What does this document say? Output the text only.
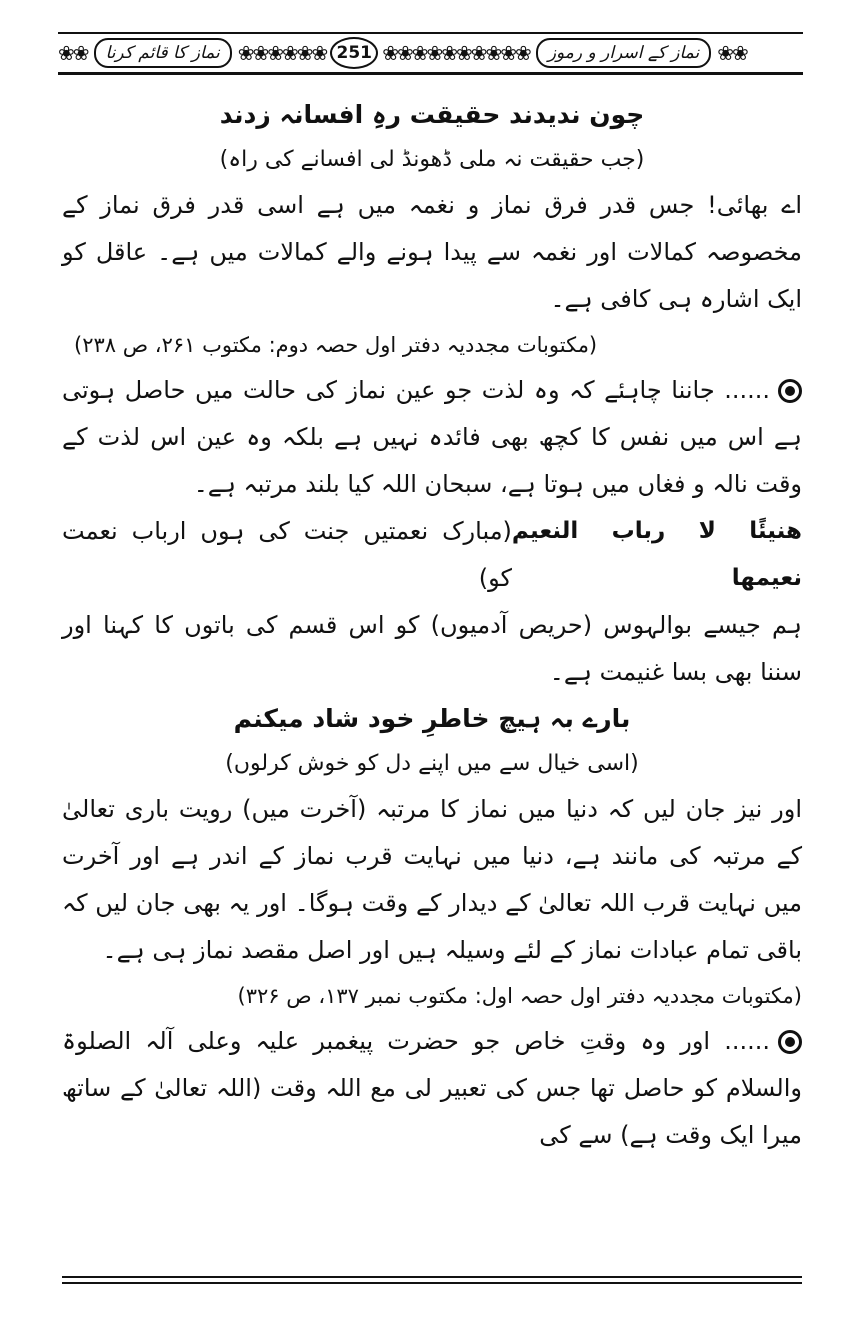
❀❀	نماز کا قائم کرنا ❀❀❀❀❀❀ 251 ❀❀❀❀❀❀❀❀❀❀	نماز کے اسرار و رموز ❀❀
چون ندیدند حقیقت رہِ افسانہ زدند
(جب حقیقت نہ ملی ڈھونڈ لی افسانے کی راہ)

اے بھائی! جس قدر فرق نماز و نغمہ میں ہے اسی قدر فرق نماز کے مخصوصہ کمالات اور نغمہ سے پیدا ہونے والے کمالات میں ہے۔ عاقل کو ایک اشارہ ہی کافی ہے۔

(مکتوبات مجددیہ دفتر اول حصہ دوم: مکتوب ۲۶۱، ص ۲۳۸)

...... جاننا چاہئے کہ وہ لذت جو عین نماز کی حالت میں حاصل ہوتی ہے اس میں نفس کا کچھ بھی فائدہ نہیں ہے بلکہ وہ عین اس لذت کے وقت نالہ و فغاں میں ہوتا ہے، سبحان اللہ کیا بلند مرتبہ ہے۔

هنيئًا لا رباب النعيم نعيمها
(مبارک نعمتیں جنت کی ہوں ارباب نعمت کو)

ہم جیسے بوالہوس (حریص آدمیوں) کو اس قسم کی باتوں کا کہنا اور سننا بھی بسا غنیمت ہے۔

بارے بہ ہیچ خاطرِ خود شاد میکنم
(اسی خیال سے میں اپنے دل کو خوش کرلوں)

اور نیز جان لیں کہ دنیا میں نماز کا مرتبہ (آخرت میں) رویت باری تعالیٰ کے مرتبہ کی مانند ہے، دنیا میں نہایت قرب نماز کے اندر ہے اور آخرت میں نہایت قرب اللہ تعالیٰ کے دیدار کے وقت ہوگا۔ اور یہ بھی جان لیں کہ باقی تمام عبادات نماز کے لئے وسیلہ ہیں اور اصل مقصد نماز ہی ہے۔

(مکتوبات مجددیہ دفتر اول حصہ اول: مکتوب نمبر ۱۳۷، ص ۳۲۶)

...... اور وہ وقتِ خاص جو حضرت پیغمبر علیہ وعلی آلہ الصلوۃ والسلام کو حاصل تھا جس کی تعبیر لی مع اللہ وقت (اللہ تعالیٰ کے ساتھ میرا ایک وقت ہے) سے کی
